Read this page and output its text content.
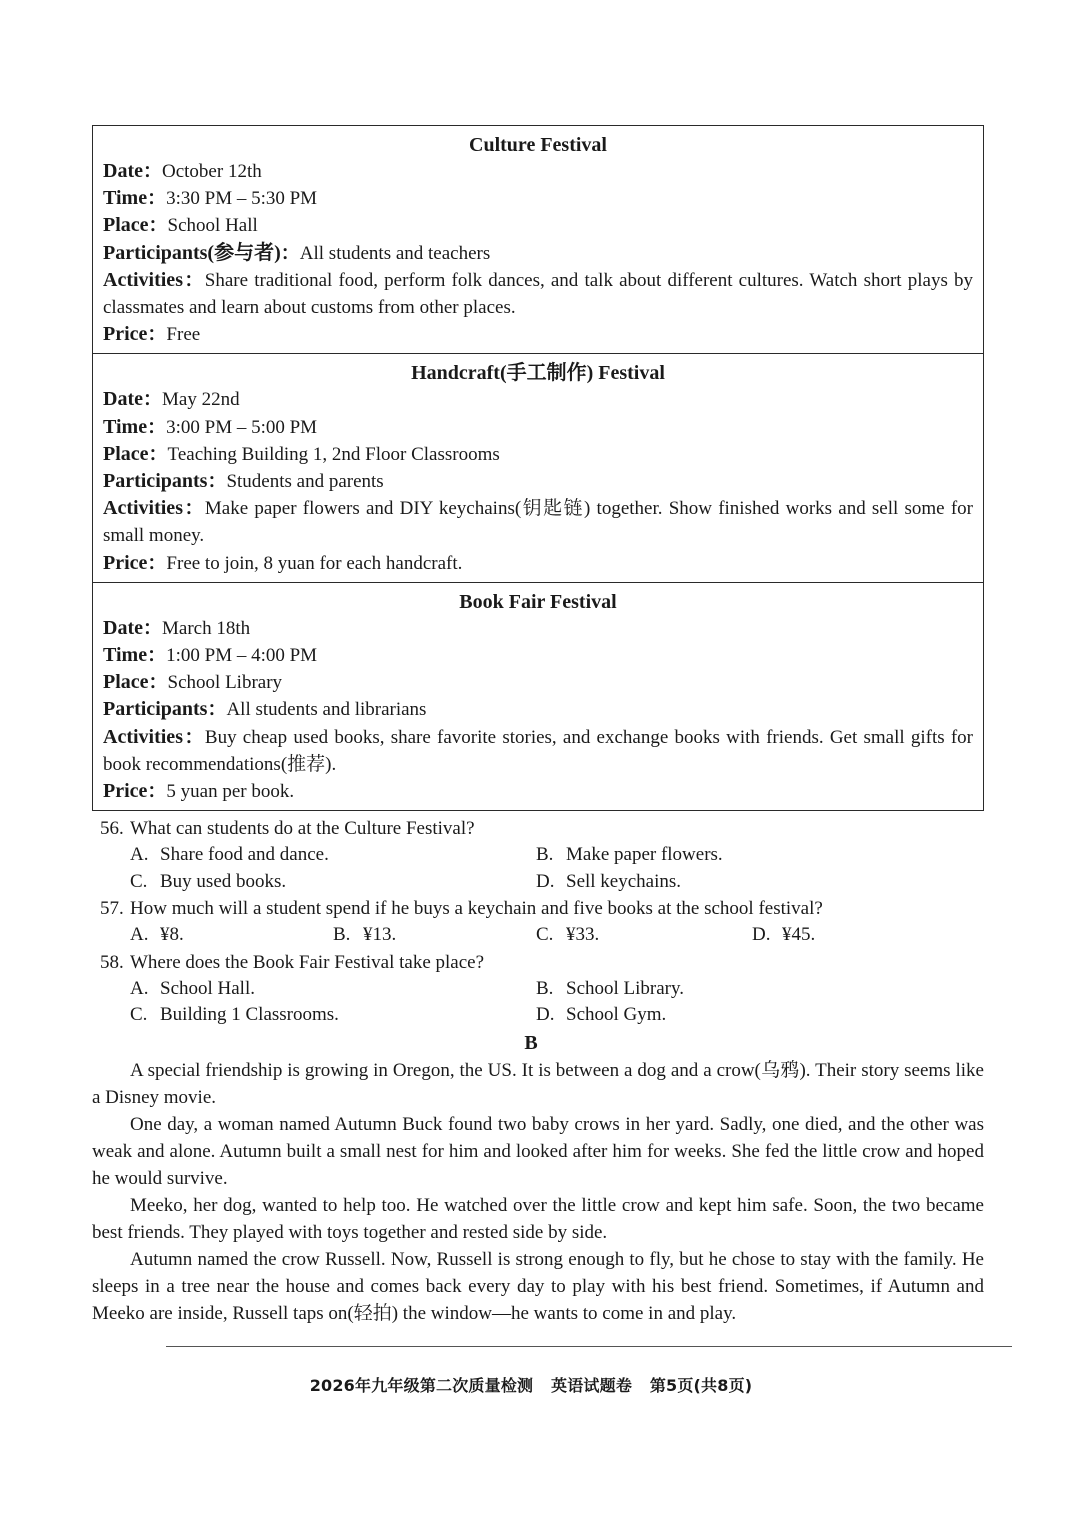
Culture Festival
Date：October 12th
Time：3:30 PM – 5:30 PM
Place：School Hall
Participants(参与者)：All students and teachers
Activities：Share traditional food, perform folk dances, and talk about different cultures. Watch short plays by classmates and learn about customs from other places.
Price：Free
Handcraft(手工制作) Festival
Date：May 22nd
Time：3:00 PM – 5:00 PM
Place：Teaching Building 1, 2nd Floor Classrooms
Participants：Students and parents
Activities：Make paper flowers and DIY keychains(钥匙链) together. Show finished works and sell some for small money.
Price：Free to join, 8 yuan for each handcraft.
Book Fair Festival
Date：March 18th
Time：1:00 PM – 4:00 PM
Place：School Library
Participants：All students and librarians
Activities：Buy cheap used books, share favorite stories, and exchange books with friends. Get small gifts for book recommendations(推荐).
Price：5 yuan per book.
56. What can students do at the Culture Festival?
A. Share food and dance.	B. Make paper flowers.
C. Buy used books.	D. Sell keychains.
57. How much will a student spend if he buys a keychain and five books at the school festival?
A. ¥8.	B. ¥13.	C. ¥33.	D. ¥45.
58. Where does the Book Fair Festival take place?
A. School Hall.	B. School Library.
C. Building 1 Classrooms.	D. School Gym.
B

A special friendship is growing in Oregon, the US. It is between a dog and a crow(乌鸦). Their story seems like a Disney movie.

One day, a woman named Autumn Buck found two baby crows in her yard. Sadly, one died, and the other was weak and alone. Autumn built a small nest for him and looked after him for weeks. She fed the little crow and hoped he would survive.

Meeko, her dog, wanted to help too. He watched over the little crow and kept him safe. Soon, the two became best friends. They played with toys together and rested side by side.

Autumn named the crow Russell. Now, Russell is strong enough to fly, but he chose to stay with the family. He sleeps in a tree near the house and comes back every day to play with his best friend. Sometimes, if Autumn and Meeko are inside, Russell taps on(轻拍) the window—he wants to come in and play.

2026年九年级第二次质量检测 英语试题卷 第5页(共8页)
